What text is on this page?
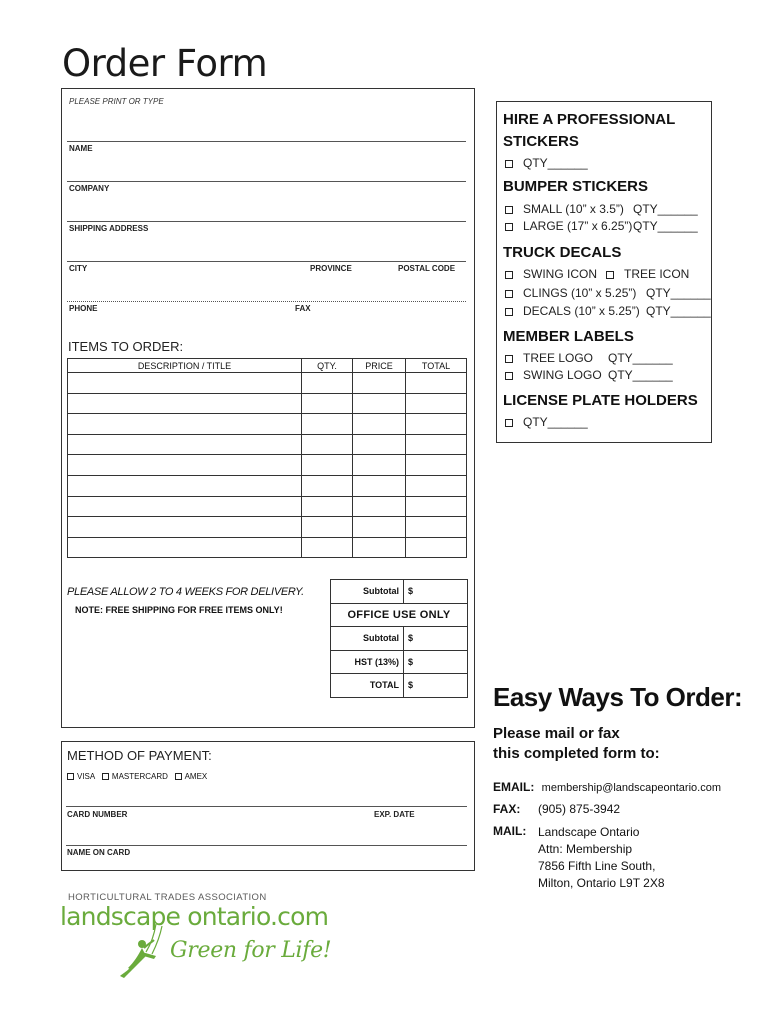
Order Form
PLEASE PRINT OR TYPE
NAME
COMPANY
SHIPPING ADDRESS
CITY	PROVINCE	POSTAL CODE
PHONE	FAX
ITEMS TO ORDER:
DESCRIPTION / TITLE	QTY.	PRICE	TOTAL

PLEASE ALLOW 2 TO 4 WEEKS FOR DELIVERY.
NOTE: FREE SHIPPING FOR FREE ITEMS ONLY!
Subtotal	$
OFFICE USE ONLY	
Subtotal	$
HST (13%)	$
TOTAL	$
METHOD OF PAYMENT:
VISA MASTERCARD AMEX
CARD NUMBER	EXP. DATE
NAME ON CARD
HIRE A PROFESSIONAL
STICKERS
QTY______
BUMPER STICKERS
SMALL (10” x 3.5”) QTY______
LARGE (17” x 6.25”) QTY______
TRUCK DECALS
SWING ICON	TREE ICON
CLINGS (10” x 5.25”) QTY______
DECALS (10” x 5.25”) QTY______
MEMBER LABELS
TREE LOGO QTY______
SWING LOGO QTY______
LICENSE PLATE HOLDERS
QTY______
Easy Ways To Order:
Please mail or fax
this completed form to:
EMAIL: membership@landscapeontario.com
FAX: (905) 875-3942
MAIL: Landscape Ontario
Attn: Membership
7856 Fifth Line South,
Milton, Ontario L9T 2X8
HORTICULTURAL TRADES ASSOCIATION
landscape ontario.com
Green for Life!
